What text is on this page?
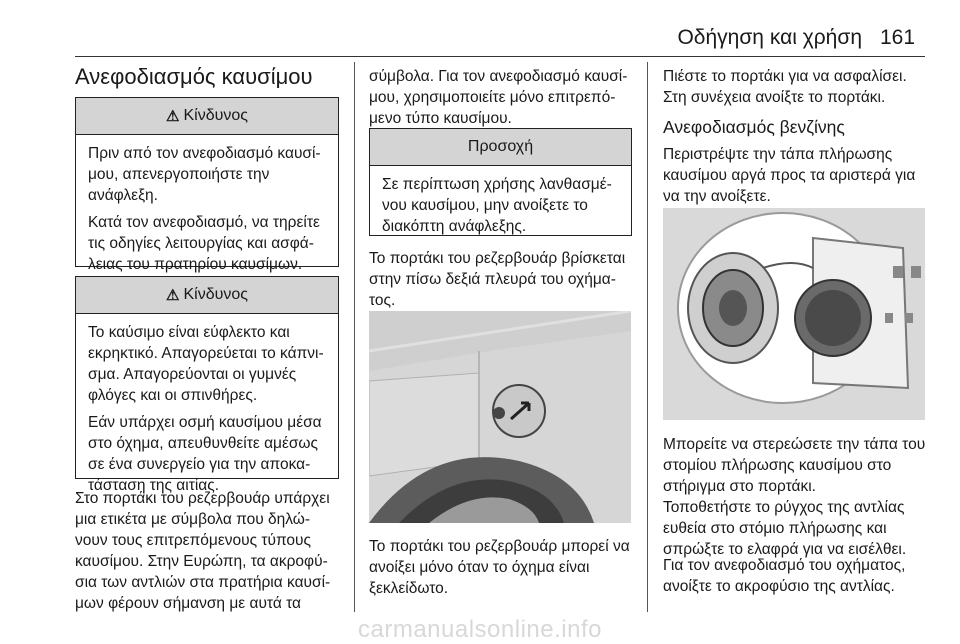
Οδήγηση και χρήση 161
Ανεφοδιασμός καυσίμου
⚠ Κίνδυνος

Πριν από τον ανεφοδιασμό καυσί- μου, απενεργοποιήστε την ανάφλεξη.

Κατά τον ανεφοδιασμό, να τηρείτε τις οδηγίες λειτουργίας και ασφά- λειας του πρατηρίου καυσίμων.

⚠ Κίνδυνος

Το καύσιμο είναι εύφλεκτο και εκρηκτικό. Απαγορεύεται το κάπνι- σμα. Απαγορεύονται οι γυμνές φλόγες και οι σπινθήρες.

Εάν υπάρχει οσμή καυσίμου μέσα στο όχημα, απευθυνθείτε αμέσως σε ένα συνεργείο για την αποκα- τάσταση της αιτίας.

Στο πορτάκι του ρεζερβουάρ υπάρχει μια ετικέτα με σύμβολα που δηλώ- νουν τους επιτρεπόμενους τύπους καυσίμου. Στην Ευρώπη, τα ακροφύ- σια των αντλιών στα πρατήρια καυσί- μων φέρουν σήμανση με αυτά τα

σύμβολα. Για τον ανεφοδιασμό καυσί- μου, χρησιμοποιείτε μόνο επιτρεπό- μενο τύπο καυσίμου.

Προσοχή

Σε περίπτωση χρήσης λανθασμέ- νου καυσίμου, μην ανοίξετε το διακόπτη ανάφλεξης.

Το πορτάκι του ρεζερβουάρ βρίσκεται στην πίσω δεξιά πλευρά του οχήμα- τος.

Το πορτάκι του ρεζερβουάρ μπορεί να ανοίξει μόνο όταν το όχημα είναι ξεκλείδωτο.

Πιέστε το πορτάκι για να ασφαλίσει. Στη συνέχεια ανοίξτε το πορτάκι.

Ανεφοδιασμός βενζίνης

Περιστρέψτε την τάπα πλήρωσης καυσίμου αργά προς τα αριστερά για να την ανοίξετε.

Μπορείτε να στερεώσετε την τάπα του στομίου πλήρωσης καυσίμου στο στήριγμα στο πορτάκι.

Τοποθετήστε το ρύγχος της αντλίας ευθεία στο στόμιο πλήρωσης και σπρώξτε το ελαφρά για να εισέλθει.

Για τον ανεφοδιασμό του οχήματος, ανοίξτε το ακροφύσιο της αντλίας.

carmanualsonline.info
